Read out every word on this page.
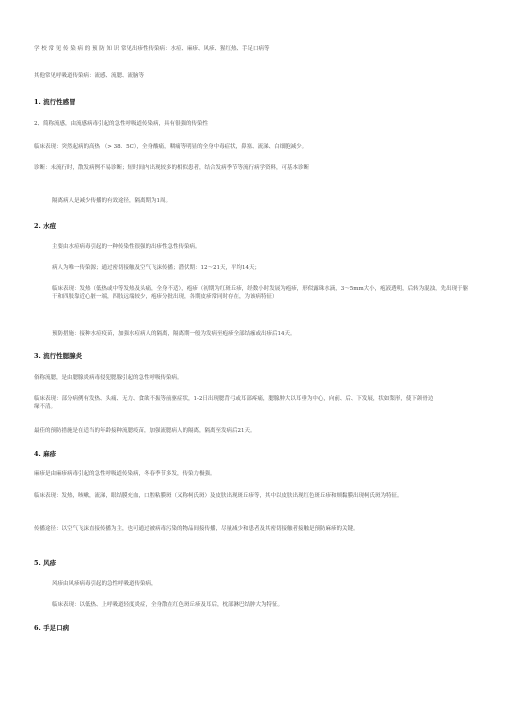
学 校 常 见 传 染 病 的 预 防 知 识 常见出疹性传染病：水痘、麻疹、风疹、猩红热、手足口病等
其他常见呼吸道传染病：流感、流腮、流脑等
1. 流行性感冒
2、简称流感，由流感病毒引起的急性呼吸道传染病，具有很强的传染性
临床表现：突然起病的高热 （> 38．5C），全身酸痛，咽痛等明显的全身中毒症状，鼻塞、流涕、白细胞减少。
诊断：未流行时，散发病例不易诊断；短时间内出现较多的相似患者，结合发病季节等流行病学资料，可基本诊断
隔离病人是减少传播的有效途径，隔离期为1周。
2. 水痘
主要由水痘病毒引起的一种传染性很强的出疹性急性传染病。
病人为唯一传染源；通过密切接触及空气飞沫传播；潜伏期：12～21天，平均14天；
临床表现：发热（低热或中等发热及头痛，全身不适），疱疹（初期为红斑丘疹，经数小时发展为疱疹，形似露珠水滴，3～5mm大小，疱液透明，后转为混浊，先出现于躯干和四肢靠近心脏一端，四肢远端较少，疱疹分批出现，各期皮疹常同时存在，为该病特征）
预防措施：接种水痘疫苗，加强水痘病人的隔离，隔离期一般为发病至疱疹全部结痂或出疹后14天。
3. 流行性腮腺炎
俗称流腮，是由腮腺炎病毒侵犯腮腺引起的急性呼吸传染病。
临床表现：部分病例有发热、头痛、无力、食欲不振等前驱症状，1-2日出现腮背弓或耳部疼痛，腮腺肿大以耳垂为中心，向前、后、下发展，状如梨形，使下颌骨边缘不清。
最佳的预防措施是在适当的年龄接种流腮疫苗，加强流腮病人的隔离，隔离至发病后21天。
4. 麻疹
麻疹是由麻疹病毒引起的急性呼吸道传染病，冬春季节多发，传染力极强。
临床表现：发热，咳嗽，流涕，眼结膜充血，口腔粘膜斑（又称柯氏斑）及皮肤出现斑丘疹等，其中以皮肤出现红色斑丘疹和颊黏膜出现柯氏斑为特征。
传播途径：以空气飞沫直接传播为主，也可通过被病毒污染的物品间接传播，尽量减少和患者及其密切接触者接触是预防麻疹的关键。
5. 风疹
风疹由风疹病毒引起的急性呼吸道传染病，
临床表现：以低热、上呼吸道轻度炎症，全身散在红色斑丘疹及耳后，枕部淋巴结肿大为特征。
6. 手足口病
